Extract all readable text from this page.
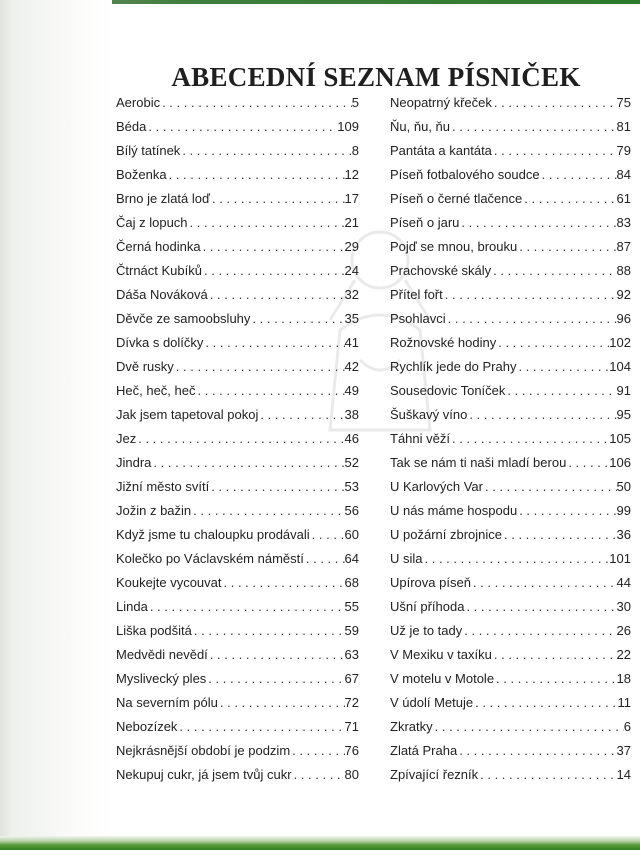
ABECEDNÍ SEZNAM PÍSNIČEK
Aerobic . . .	5
Béda . . .	109
Bílý tatínek . . .	8
Boženka . . .	12
Brno je zlatá loď . . .	17
Čaj z lopuch . . .	21
Černá hodinka . . .	29
Čtrnáct Kubíků . . .	24
Dáša Nováková . . .	32
Děvče ze samoobsluhy . . .	35
Dívka s dolíčky . . .	41
Dvě rusky . . .	42
Heč, heč, heč . . .	49
Jak jsem tapetoval pokoj . . .	38
Jez . . .	46
Jindra . . .	52
Jižní město svítí . . .	53
Jožin z bažin . . .	56
Když jsme tu chaloupku prodávali . . .	60
Kolečko po Václavském náměstí . . .	64
Koukejte vycouvat . . .	68
Linda . . .	55
Liška podšitá . . .	59
Medvědi nevědí . . .	63
Myslivecký ples . . .	67
Na severním pólu . . .	72
Nebozízek . . .	71
Nejkrásnější období je podzim . . .	76
Nekupuj cukr, já jsem tvůj cukr . . .	80
Neopatrný křeček . . .	75
Ňu, ňu, ňu . . .	81
Pantáta a kantáta . . .	79
Píseň fotbalového soudce . . .	84
Píseň o černé tlačence . . .	61
Píseň o jaru . . .	83
Pojď se mnou, brouku . . .	87
Prachovské skály . . .	88
Přítel fořt . . .	92
Psohlavci . . .	96
Rožnovské hodiny . . .	102
Rychlík jede do Prahy . . .	104
Sousedovic Toníček . . .	91
Šuškavý víno . . .	95
Táhni věží . . .	105
Tak se nám ti naši mladí berou . . .	106
U Karlových Var . . .	50
U nás máme hospodu . . .	99
U požární zbrojnice . . .	36
U sila . . .	101
Upírova píseň . . .	44
Ušní příhoda . . .	30
Už je to tady . . .	26
V Mexiku v taxíku . . .	22
V motelu v Motole . . .	18
V údolí Metuje . . .	11
Zkratky . . .	6
Zlatá Praha . . .	37
Zpívající řezník . . .	14
